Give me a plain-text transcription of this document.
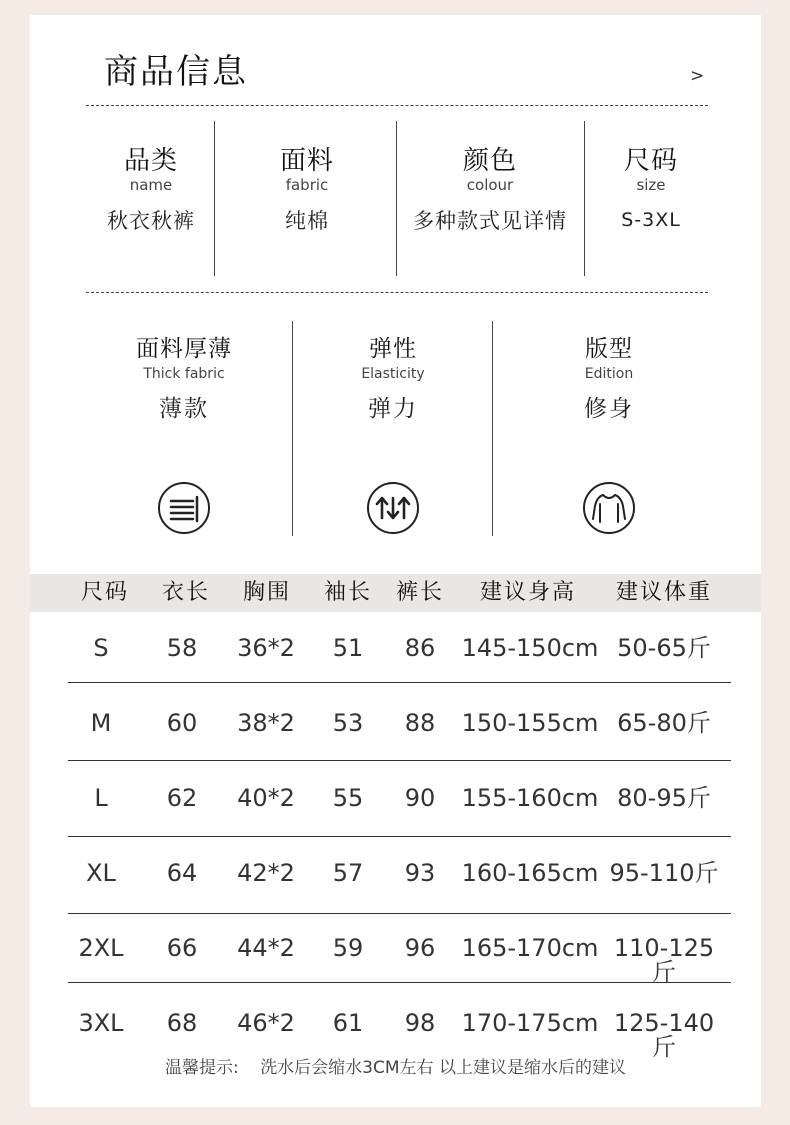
商品信息	>
品类
name
秋衣秋裤
面料
fabric
纯棉
颜色
colour
多种款式见详情
尺码
size
S-3XL
面料厚薄
Thick fabric
薄款
弹性
Elasticity
弹力
版型
Edition
修身
尺码	衣长	胸围	袖长	裤长	建议身高	建议体重
S	58	36*2	51	86	145-150cm 50-65斤
M	60	38*2	53	88	150-155cm 65-80斤
L	62	40*2	55	90	155-160cm 80-95斤
XL	64	42*2	57	93	160-165cm 95-110斤
2XL	66	44*2	59	96	165-170cm 110-125斤
3XL	68	46*2	61	98	170-175cm 125-140斤
温馨提示: 洗水后会缩水3CM左右 以上建议是缩水后的建议
